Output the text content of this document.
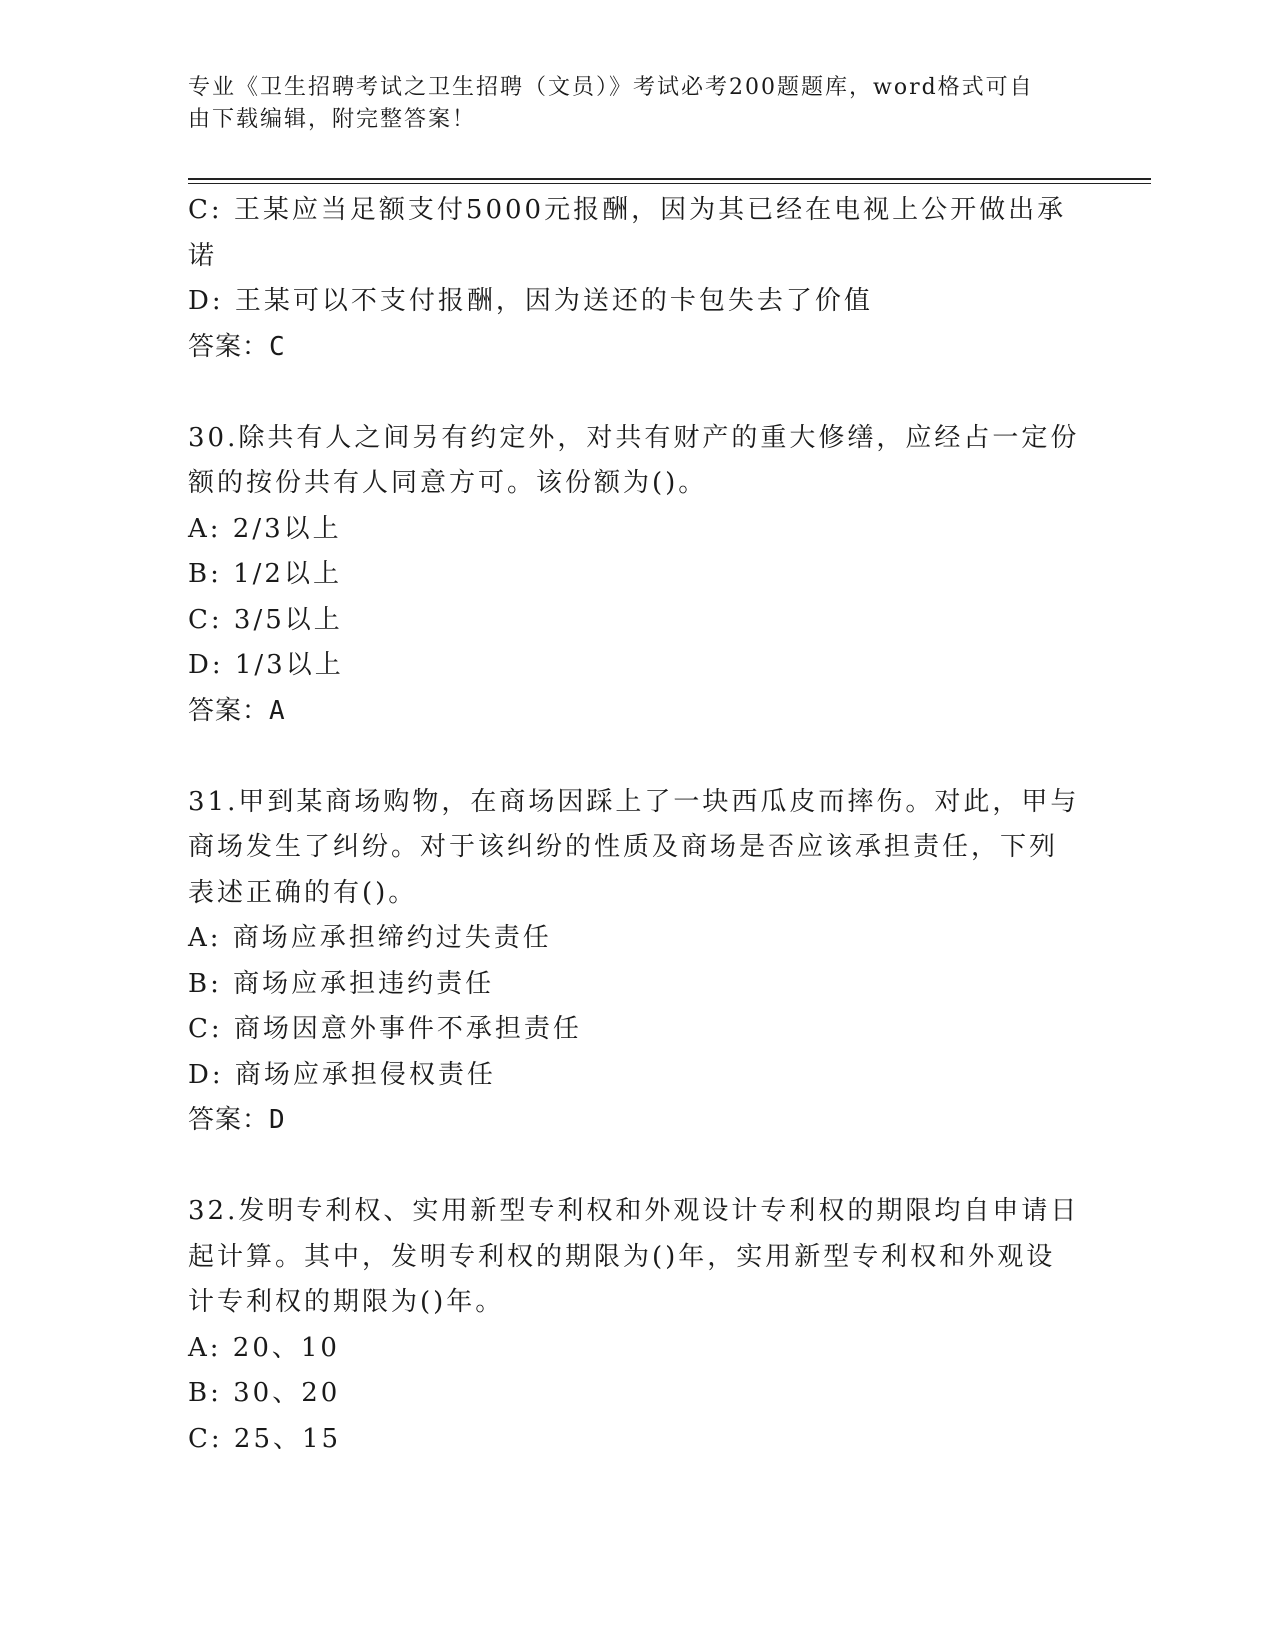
专业《卫生招聘考试之卫生招聘（文员）》考试必考200题题库，word格式可自
由下载编辑，附完整答案！
C: 王某应当足额支付5000元报酬，因为其已经在电视上公开做出承
诺
D: 王某可以不支付报酬，因为送还的卡包失去了价值
答案：C
30.除共有人之间另有约定外，对共有财产的重大修缮，应经占一定份
额的按份共有人同意方可。该份额为()。
A: 2/3以上
B: 1/2以上
C: 3/5以上
D: 1/3以上
答案：A
31.甲到某商场购物，在商场因踩上了一块西瓜皮而摔伤。对此，甲与
商场发生了纠纷。对于该纠纷的性质及商场是否应该承担责任，下列
表述正确的有()。
A: 商场应承担缔约过失责任
B: 商场应承担违约责任
C: 商场因意外事件不承担责任
D: 商场应承担侵权责任
答案：D
32.发明专利权、实用新型专利权和外观设计专利权的期限均自申请日
起计算。其中，发明专利权的期限为()年，实用新型专利权和外观设
计专利权的期限为()年。
A: 20、10
B: 30、20
C: 25、15
